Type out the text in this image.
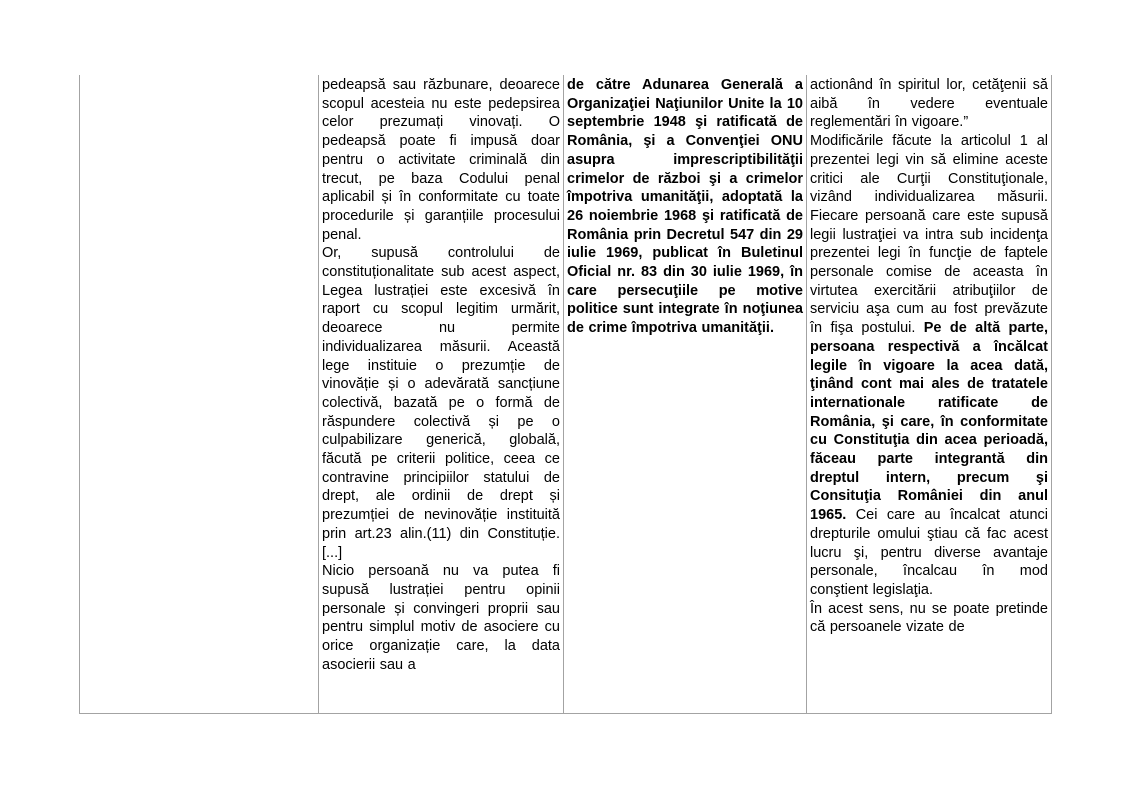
pedeapsă sau răzbunare, deoarece scopul acesteia nu este pedepsirea celor prezumați vinovați. O pedeapsă poate fi impusă doar pentru o activitate criminală din trecut, pe baza Codului penal aplicabil și în conformitate cu toate procedurile și garanțiile procesului penal.

Or, supusă controlului de constituționalitate sub acest aspect, Legea lustrației este excesivă în raport cu scopul legitim urmărit, deoarece nu permite individualizarea măsurii. Această lege instituie o prezumție de vinovăție și o adevărată sancțiune colectivă, bazată pe o formă de răspundere colectivă și pe o culpabilizare generică, globală, făcută pe criterii politice, ceea ce contravine principiilor statului de drept, ale ordinii de drept și prezumției de nevinovăție instituită prin art.23 alin.(11) din Constituție. [...]

Nicio persoană nu va putea fi supusă lustrației pentru opinii personale și convingeri proprii sau pentru simplul motiv de asociere cu orice organizație care, la data asocierii sau a

de către Adunarea Generală a Organizaţiei Naţiunilor Unite la 10 septembrie 1948 şi ratificată de România, şi a Convenţiei ONU asupra imprescriptibilităţii crimelor de război şi a crimelor împotriva umanităţii, adoptată la 26 noiembrie 1968 şi ratificată de România prin Decretul 547 din 29 iulie 1969, publicat în Buletinul Oficial nr. 83 din 30 iulie 1969, în care persecuţiile pe motive politice sunt integrate în noţiunea de crime împotriva umanităţii.

actionând în spiritul lor, cetăţenii să aibă în vedere eventuale reglementări în vigoare.”

Modificările făcute la articolul 1 al prezentei legi vin să elimine aceste critici ale Curţii Constituţionale, vizând individualizarea măsurii. Fiecare persoană care este supusă legii lustraţiei va intra sub incidenţa prezentei legi în funcţie de faptele personale comise de aceasta în virtutea exercitării atribuţiilor de serviciu aşa cum au fost prevăzute în fişa postului. Pe de altă parte, persoana respectivă a încălcat legile în vigoare la acea dată, ţinând cont mai ales de tratatele internationale ratificate de România, şi care, în conformitate cu Constituţia din acea perioadă, făceau parte integrantă din dreptul intern, precum şi Consituţia României din anul 1965. Cei care au încalcat atunci drepturile omului ştiau că fac acest lucru şi, pentru diverse avantaje personale, încalcau în mod conştient legislaţia.

În acest sens, nu se poate pretinde că persoanele vizate de
